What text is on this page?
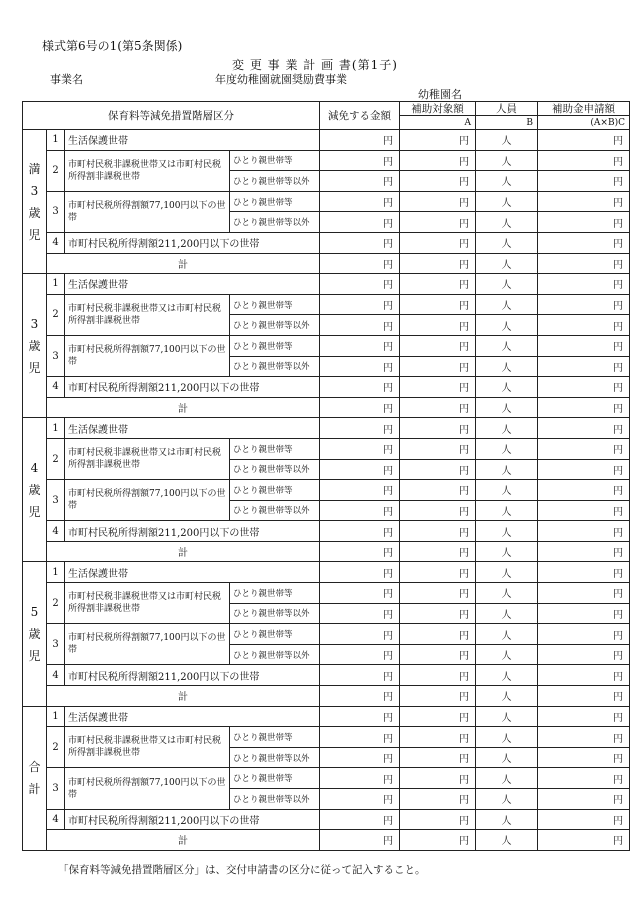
様式第6号の1(第5条関係)
変 更 事 業 計 画 書(第1子)
事業名	年度幼稚園就園奨励費事業
幼稚園名
保育料等減免措置階層区分				減免する金額	補助対象額	人員	補助金申請額
					A	B	(A×B)C
満
3
歳
児	1	生活保護世帯		円	円	人	円
	2	市町村民税非課税世帯又は市町村民税所得割非課税世帯	ひとり親世帯等	円	円	人	円
			ひとり親世帯等以外	円	円	人	円
	3	市町村民税所得割額77,100円以下の世帯	ひとり親世帯等	円	円	人	円
			ひとり親世帯等以外	円	円	人	円
	4	市町村民税所得割額211,200円以下の世帯		円	円	人	円
	計			円	円	人	円
3
歳
児	1	生活保護世帯		円	円	人	円
	2	市町村民税非課税世帯又は市町村民税所得割非課税世帯	ひとり親世帯等	円	円	人	円
			ひとり親世帯等以外	円	円	人	円
	3	市町村民税所得割額77,100円以下の世帯	ひとり親世帯等	円	円	人	円
			ひとり親世帯等以外	円	円	人	円
	4	市町村民税所得割額211,200円以下の世帯		円	円	人	円
	計			円	円	人	円
4
歳
児	1	生活保護世帯		円	円	人	円
	2	市町村民税非課税世帯又は市町村民税所得割非課税世帯	ひとり親世帯等	円	円	人	円
			ひとり親世帯等以外	円	円	人	円
	3	市町村民税所得割額77,100円以下の世帯	ひとり親世帯等	円	円	人	円
			ひとり親世帯等以外	円	円	人	円
	4	市町村民税所得割額211,200円以下の世帯		円	円	人	円
	計			円	円	人	円
5
歳
児	1	生活保護世帯		円	円	人	円
	2	市町村民税非課税世帯又は市町村民税所得割非課税世帯	ひとり親世帯等	円	円	人	円
			ひとり親世帯等以外	円	円	人	円
	3	市町村民税所得割額77,100円以下の世帯	ひとり親世帯等	円	円	人	円
			ひとり親世帯等以外	円	円	人	円
	4	市町村民税所得割額211,200円以下の世帯		円	円	人	円
	計			円	円	人	円
合
計	1	生活保護世帯		円	円	人	円
	2	市町村民税非課税世帯又は市町村民税所得割非課税世帯	ひとり親世帯等	円	円	人	円
			ひとり親世帯等以外	円	円	人	円
	3	市町村民税所得割額77,100円以下の世帯	ひとり親世帯等	円	円	人	円
			ひとり親世帯等以外	円	円	人	円
	4	市町村民税所得割額211,200円以下の世帯		円	円	人	円
	計			円	円	人	円
「保育料等減免措置階層区分」は、交付申請書の区分に従って記入すること。
